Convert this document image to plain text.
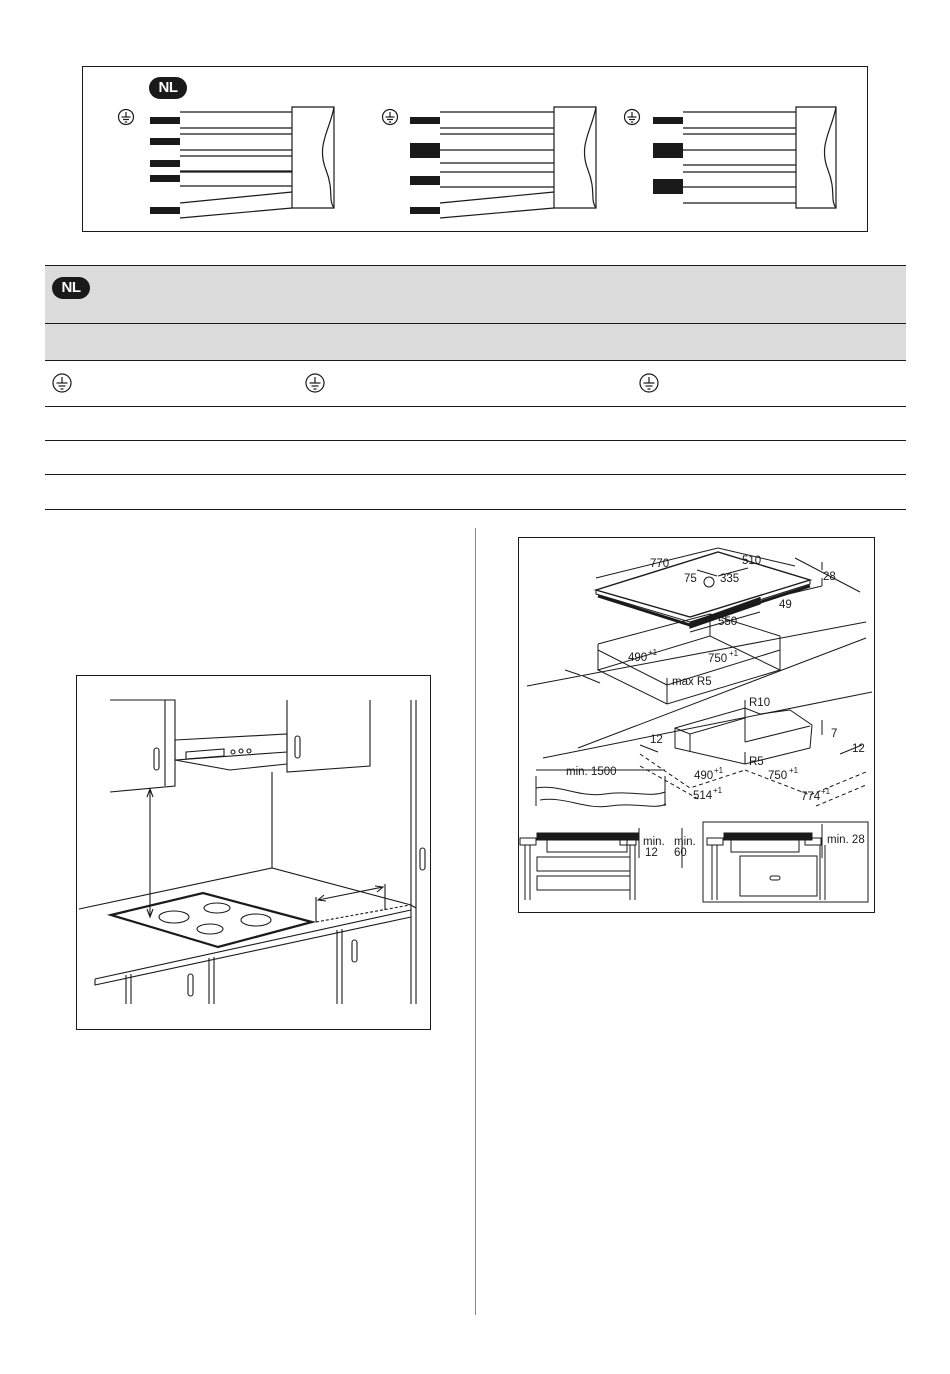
NL
NL
770	510
75 335	28
49
550
490 +1
750 +1
max R5
R10
7
12
12
R5
490 +1	750 +1
514 +1
774 +1
min. 1500
min.
12
min.
60
min. 28
